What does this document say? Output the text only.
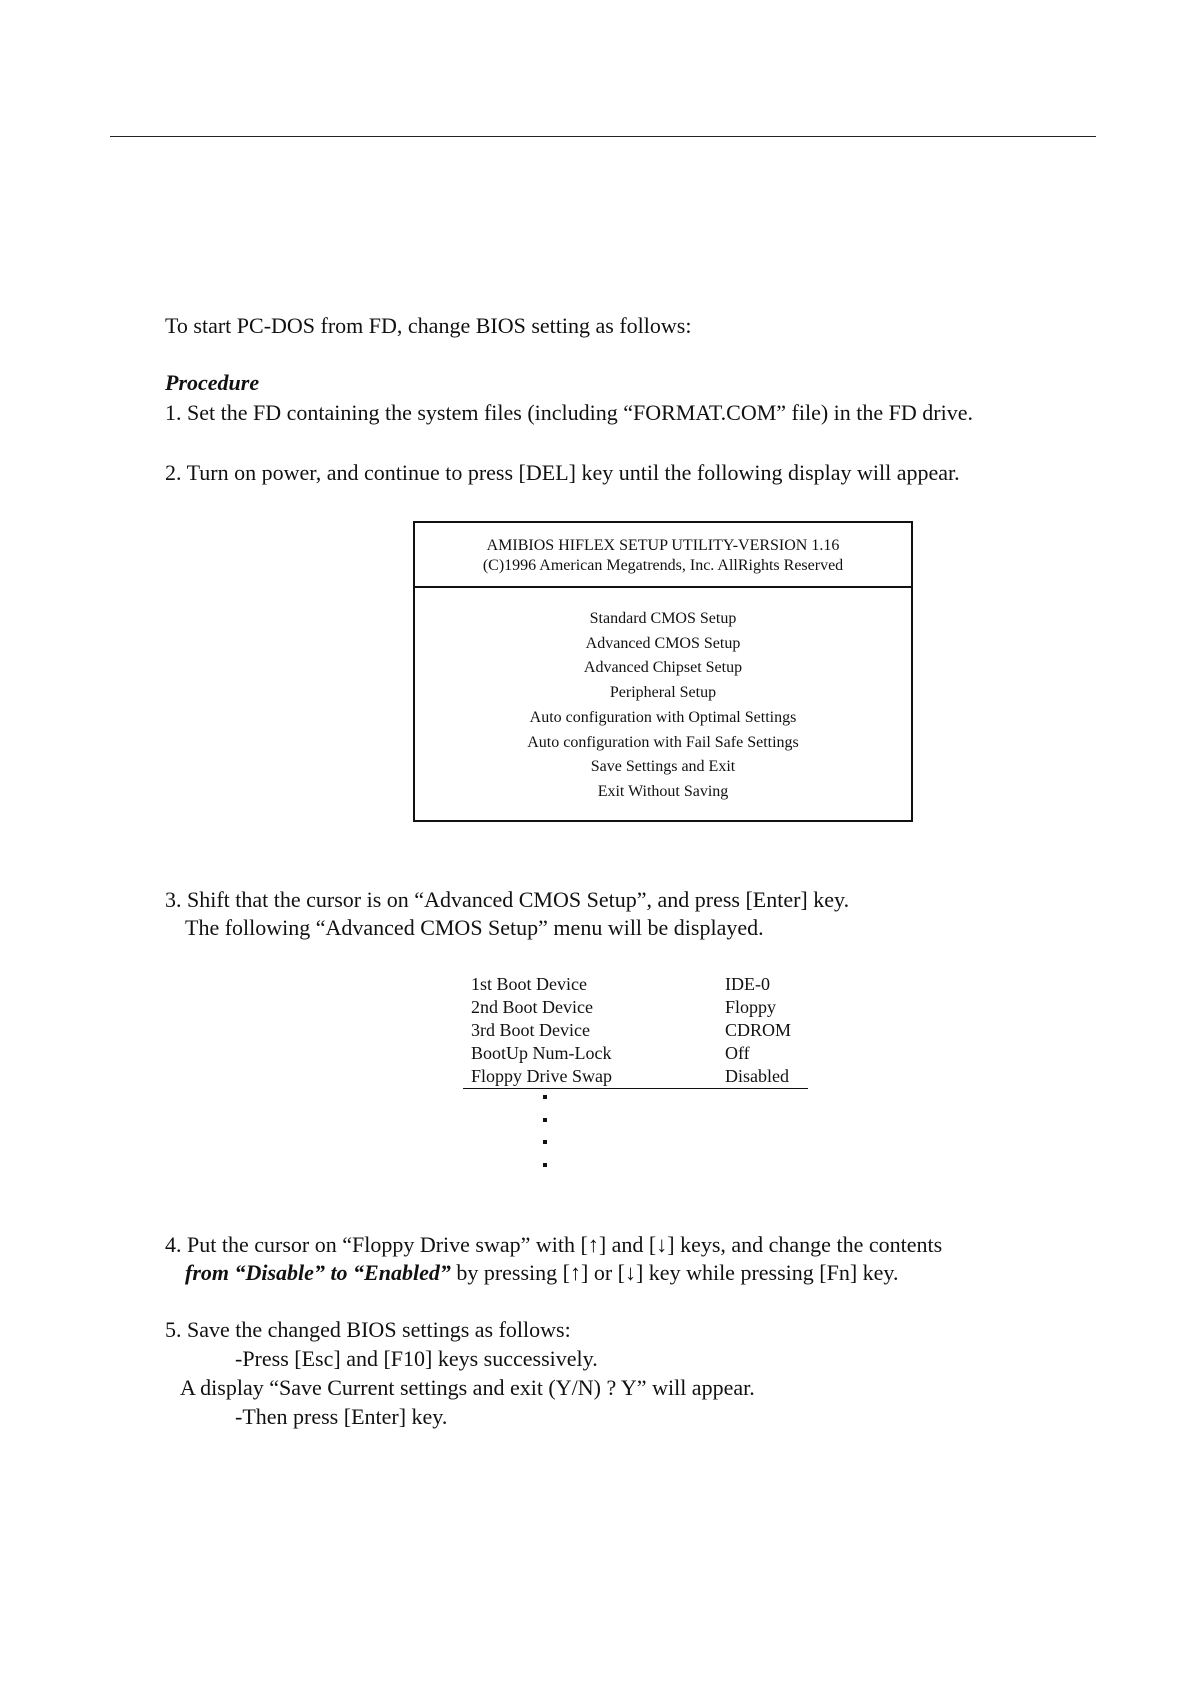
To start PC-DOS from FD, change BIOS setting as follows:
Procedure
1. Set the FD containing the system files (including “FORMAT.COM” file) in the FD drive.
2. Turn on power, and continue to press [DEL] key until the following display will appear.
AMIBIOS HIFLEX SETUP UTILITY-VERSION 1.16
(C)1996 American Megatrends, Inc. AllRights Reserved
Standard CMOS Setup
Advanced CMOS Setup
Advanced Chipset Setup
Peripheral Setup
Auto configuration with Optimal Settings
Auto configuration with Fail Safe Settings
Save Settings and Exit
Exit Without Saving
3. Shift that the cursor is on “Advanced CMOS Setup”, and press [Enter] key.
The following “Advanced CMOS Setup” menu will be displayed.
1st Boot Device	IDE-0
2nd Boot Device	Floppy
3rd Boot Device	CDROM
BootUp Num-Lock	Off
Floppy Drive Swap	Disabled
4. Put the cursor on “Floppy Drive swap” with [↑] and [↓] keys, and change the contents
from “Disable” to “Enabled” by pressing [↑] or [↓] key while pressing [Fn] key.
5. Save the changed BIOS settings as follows:
-Press [Esc] and [F10] keys successively.
A display “Save Current settings and exit (Y/N) ? Y” will appear.
-Then press [Enter] key.
